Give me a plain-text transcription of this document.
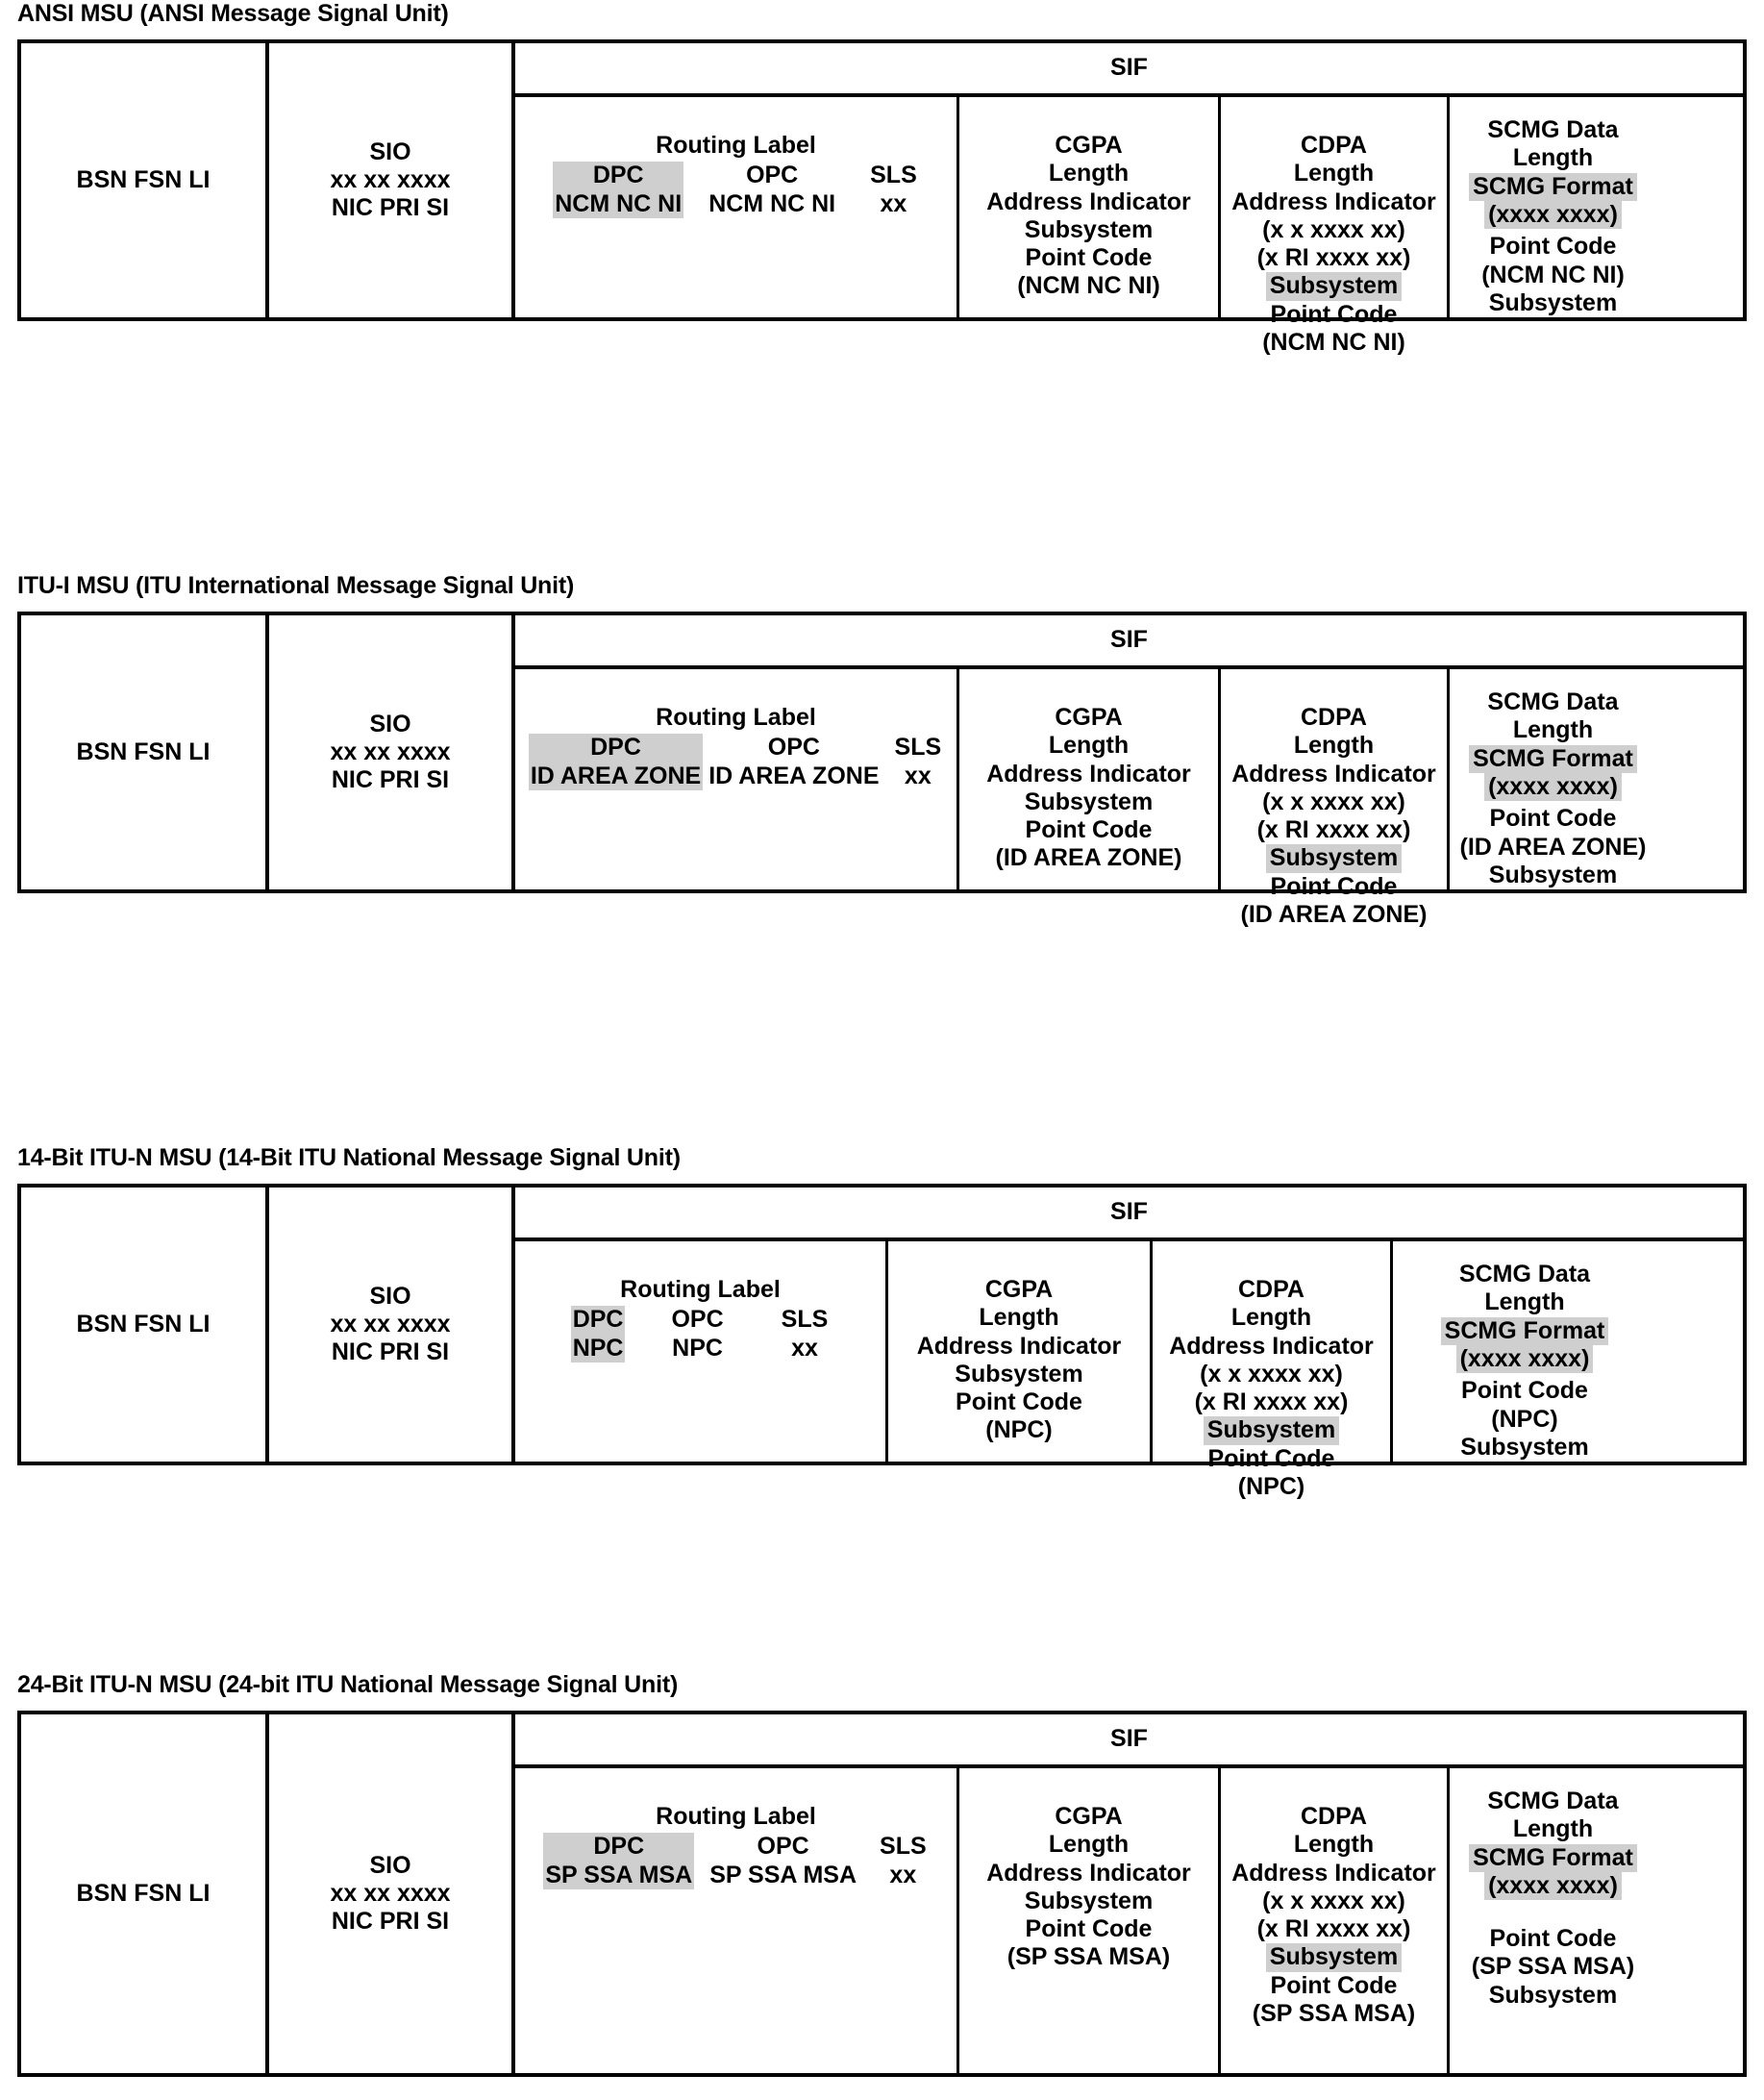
ANSI MSU (ANSI Message Signal Unit)
BSN FSN LI
SIO
xx xx xxxx
NIC PRI SI
SIF
Routing Label
DPC
NCM NC NI
OPC
NCM NC NI
SLS
xx
CGPA
Length
Address Indicator
Subsystem
Point Code
(NCM NC NI)
CDPA
Length
Address Indicator
(x x xxxx xx)
(x RI xxxx xx)
Subsystem
Point Code
(NCM NC NI)
SCMG Data
Length
SCMG Format
(xxxx xxxx)
Point Code
(NCM NC NI)
Subsystem
ITU-I MSU (ITU International Message Signal Unit)
BSN FSN LI
SIO
xx xx xxxx
NIC PRI SI
SIF
Routing Label
DPC
ID AREA ZONE
OPC
ID AREA ZONE
SLS
xx
CGPA
Length
Address Indicator
Subsystem
Point Code
(ID AREA ZONE)
CDPA
Length
Address Indicator
(x x xxxx xx)
(x RI xxxx xx)
Subsystem
Point Code
(ID AREA ZONE)
SCMG Data
Length
SCMG Format
(xxxx xxxx)
Point Code
(ID AREA ZONE)
Subsystem
14-Bit ITU-N MSU (14-Bit ITU National Message Signal Unit)
BSN FSN LI
SIO
xx xx xxxx
NIC PRI SI
SIF
Routing Label
DPC
NPC
OPC
NPC
SLS
xx
CGPA
Length
Address Indicator
Subsystem
Point Code
(NPC)
CDPA
Length
Address Indicator
(x x xxxx xx)
(x RI xxxx xx)
Subsystem
Point Code
(NPC)
SCMG Data
Length
SCMG Format
(xxxx xxxx)
Point Code
(NPC)
Subsystem
24-Bit ITU-N MSU (24-bit ITU National Message Signal Unit)
BSN FSN LI
SIO
xx xx xxxx
NIC PRI SI
SIF
Routing Label
DPC
SP SSA MSA
OPC
SP SSA MSA
SLS
xx
CGPA
Length
Address Indicator
Subsystem
Point Code
(SP SSA MSA)
CDPA
Length
Address Indicator
(x x xxxx xx)
(x RI xxxx xx)
Subsystem
Point Code
(SP SSA MSA)
SCMG Data
Length
SCMG Format
(xxxx xxxx)
Point Code
(SP SSA MSA)
Subsystem
